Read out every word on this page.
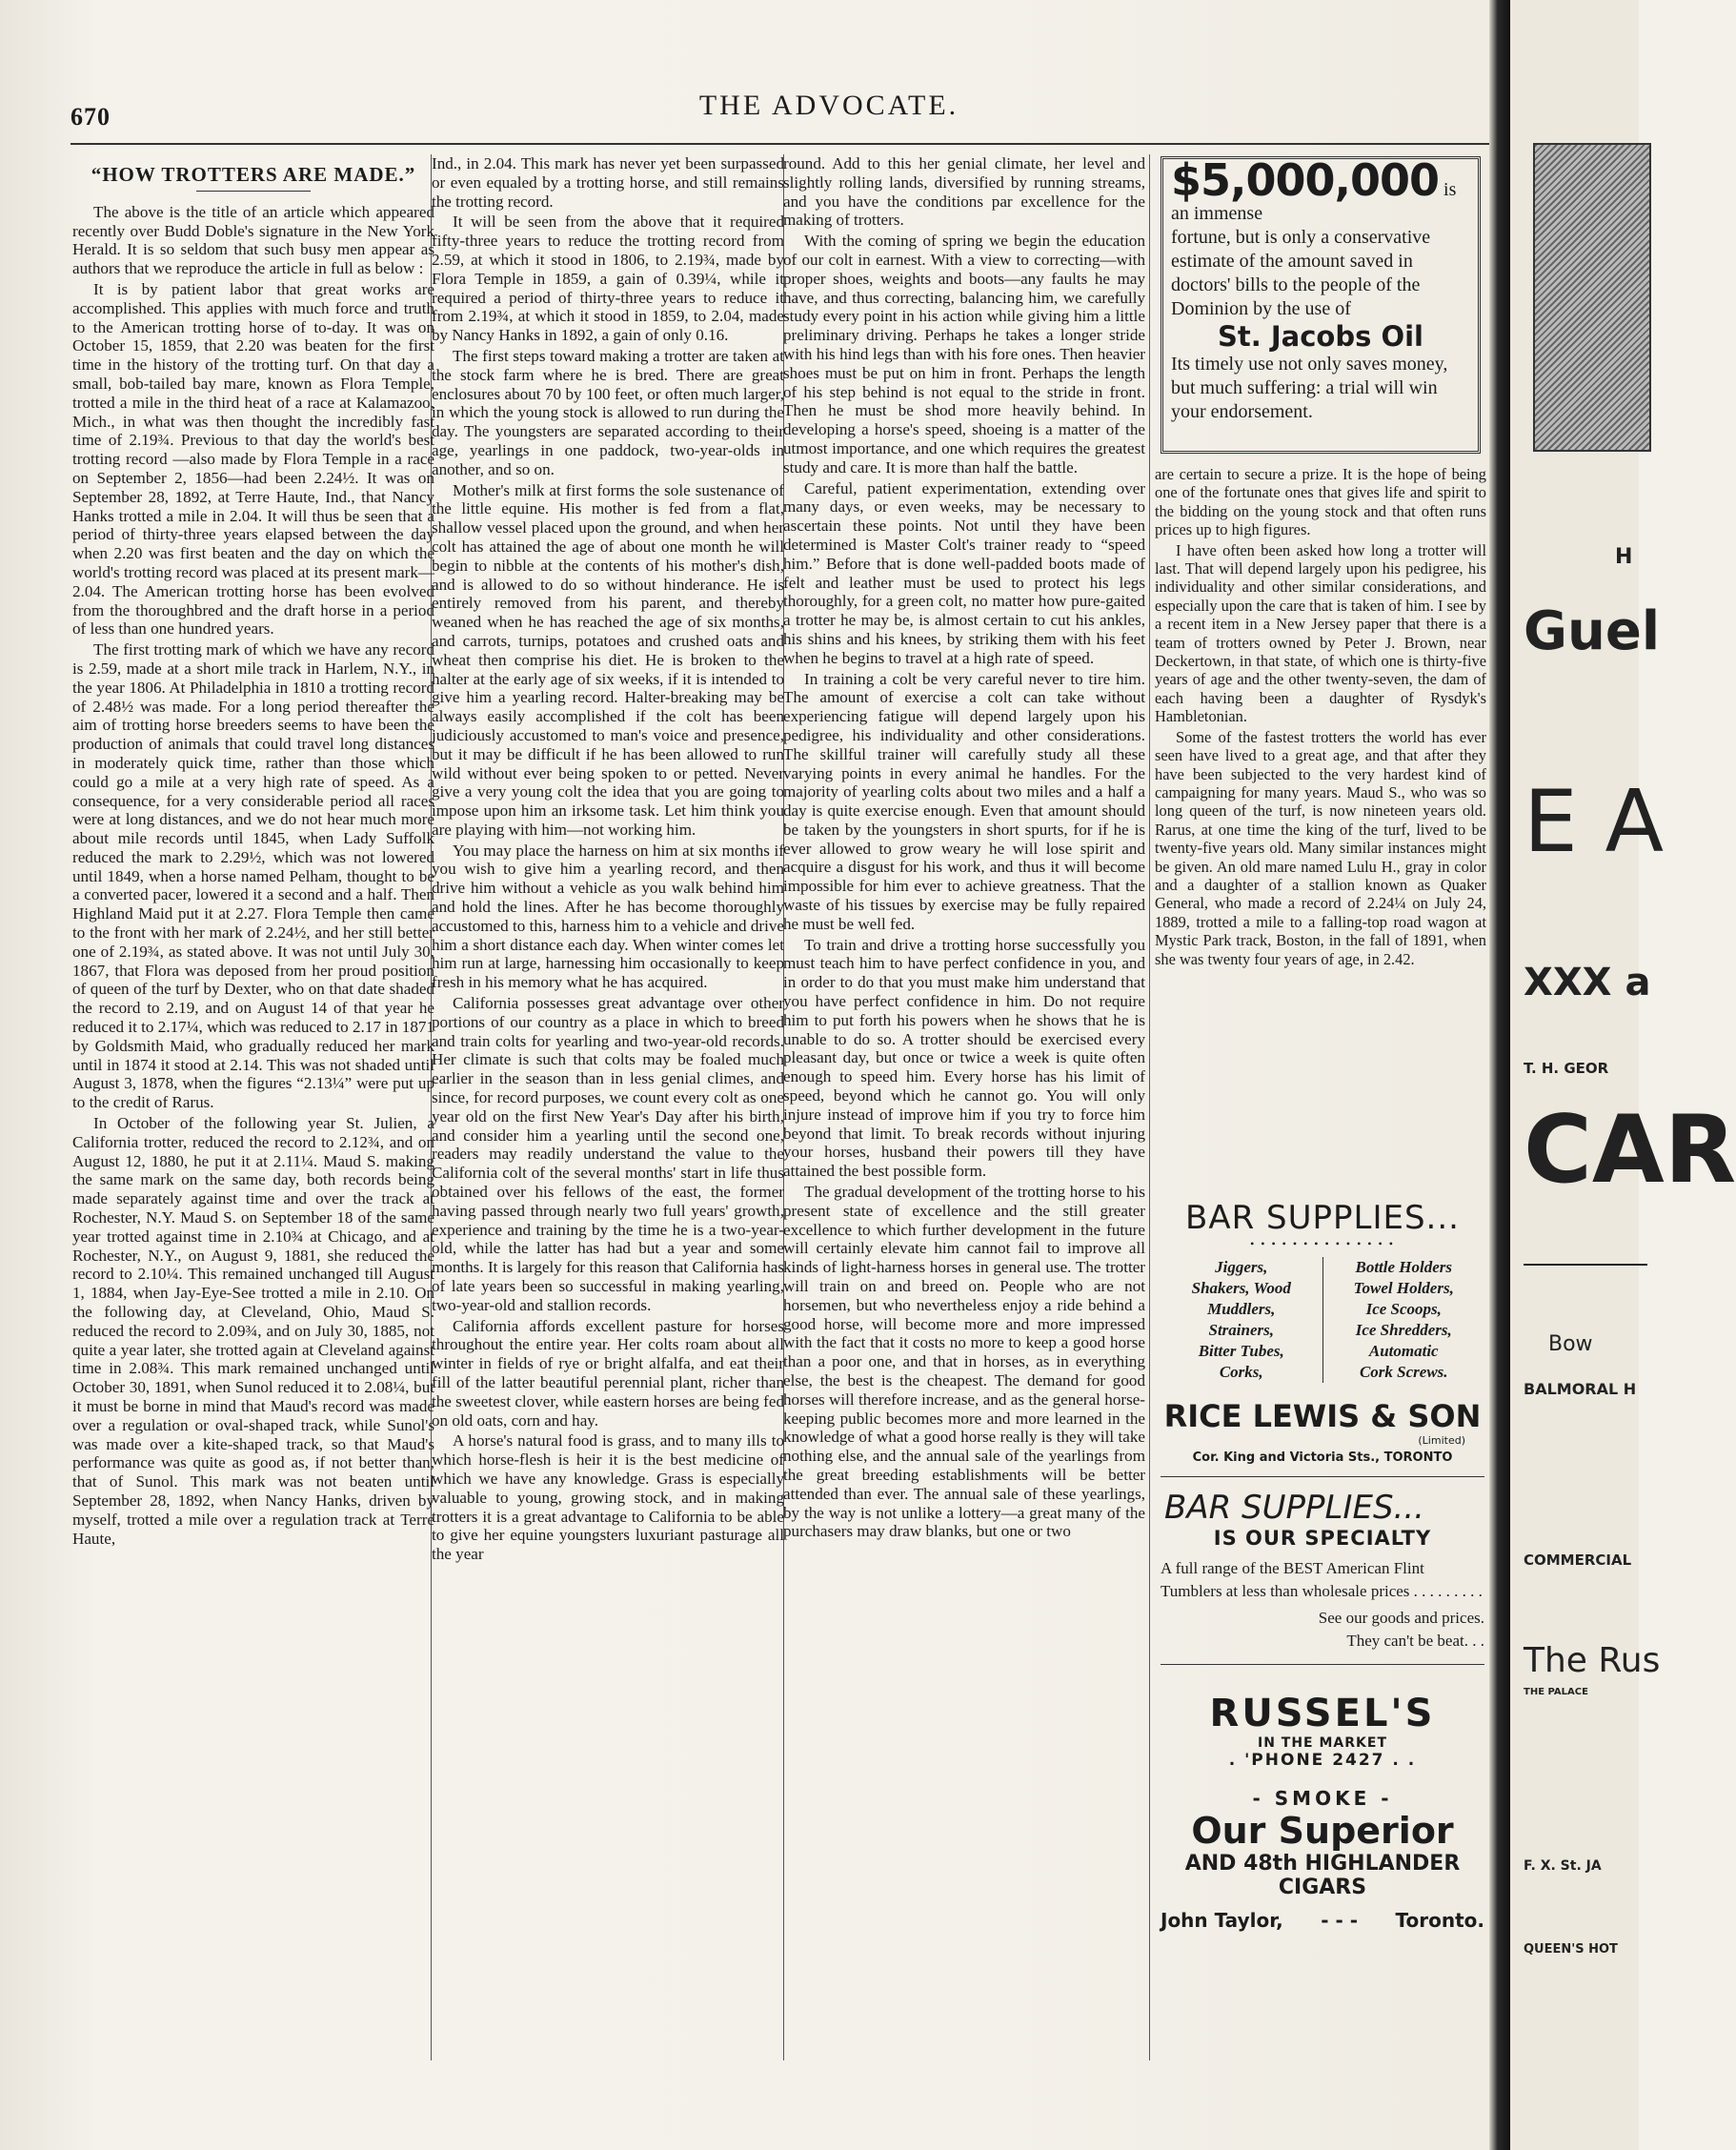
670	THE ADVOCATE.
“HOW TROTTERS ARE MADE.”

The above is the title of an article which appeared recently over Budd Doble's signature in the New York Herald. It is so seldom that such busy men appear as authors that we reproduce the article in full as below :

It is by patient labor that great works are accomplished. This applies with much force and truth to the American trotting horse of to-day. It was on October 15, 1859, that 2.20 was beaten for the first time in the history of the trotting turf. On that day a small, bob-tailed bay mare, known as Flora Temple, trotted a mile in the third heat of a race at Kalamazoo, Mich., in what was then thought the incredibly fast time of 2.19¾. Previous to that day the world's best trotting record —also made by Flora Temple in a race on September 2, 1856—had been 2.24½. It was on September 28, 1892, at Terre Haute, Ind., that Nancy Hanks trotted a mile in 2.04. It will thus be seen that a period of thirty-three years elapsed between the day when 2.20 was first beaten and the day on which the world's trotting record was placed at its present mark— 2.04. The American trotting horse has been evolved from the thoroughbred and the draft horse in a period of less than one hundred years.

The first trotting mark of which we have any record is 2.59, made at a short mile track in Harlem, N.Y., in the year 1806. At Philadelphia in 1810 a trotting record of 2.48½ was made. For a long period thereafter the aim of trotting horse breeders seems to have been the production of animals that could travel long distances in moderately quick time, rather than those which could go a mile at a very high rate of speed. As a consequence, for a very considerable period all races were at long distances, and we do not hear much more about mile records until 1845, when Lady Suffolk reduced the mark to 2.29½, which was not lowered until 1849, when a horse named Pelham, thought to be a converted pacer, lowered it a second and a half. Then Highland Maid put it at 2.27. Flora Temple then came to the front with her mark of 2.24½, and her still better one of 2.19¾, as stated above. It was not until July 30, 1867, that Flora was deposed from her proud position of queen of the turf by Dexter, who on that date shaded the record to 2.19, and on August 14 of that year he reduced it to 2.17¼, which was reduced to 2.17 in 1871 by Goldsmith Maid, who gradually reduced her mark until in 1874 it stood at 2.14. This was not shaded until August 3, 1878, when the figures “2.13¼” were put up to the credit of Rarus.

In October of the following year St. Julien, a California trotter, reduced the record to 2.12¾, and on August 12, 1880, he put it at 2.11¼. Maud S. making the same mark on the same day, both records being made separately against time and over the track at Rochester, N.Y. Maud S. on September 18 of the same year trotted against time in 2.10¾ at Chicago, and at Rochester, N.Y., on August 9, 1881, she reduced the record to 2.10¼. This remained unchanged till August 1, 1884, when Jay-Eye-See trotted a mile in 2.10. On the following day, at Cleveland, Ohio, Maud S. reduced the record to 2.09¾, and on July 30, 1885, not quite a year later, she trotted again at Cleveland against time in 2.08¾. This mark remained unchanged until October 30, 1891, when Sunol reduced it to 2.08¼, but it must be borne in mind that Maud's record was made over a regulation or oval-shaped track, while Sunol's was made over a kite-shaped track, so that Maud's performance was quite as good as, if not better than, that of Sunol. This mark was not beaten until September 28, 1892, when Nancy Hanks, driven by myself, trotted a mile over a regulation track at Terre Haute,

Ind., in 2.04. This mark has never yet been surpassed or even equaled by a trotting horse, and still remains the trotting record.

It will be seen from the above that it required fifty-three years to reduce the trotting record from 2.59, at which it stood in 1806, to 2.19¾, made by Flora Temple in 1859, a gain of 0.39¼, while it required a period of thirty-three years to reduce it from 2.19¾, at which it stood in 1859, to 2.04, made by Nancy Hanks in 1892, a gain of only 0.16.

The first steps toward making a trotter are taken at the stock farm where he is bred. There are great enclosures about 70 by 100 feet, or often much larger, in which the young stock is allowed to run during the day. The youngsters are separated according to their age, yearlings in one paddock, two-year-olds in another, and so on.

Mother's milk at first forms the sole sustenance of the little equine. His mother is fed from a flat, shallow vessel placed upon the ground, and when her colt has attained the age of about one month he will begin to nibble at the contents of his mother's dish, and is allowed to do so without hinderance. He is entirely removed from his parent, and thereby weaned when he has reached the age of six months, and carrots, turnips, potatoes and crushed oats and wheat then comprise his diet. He is broken to the halter at the early age of six weeks, if it is intended to give him a yearling record. Halter-breaking may be always easily accomplished if the colt has been judiciously accustomed to man's voice and presence, but it may be difficult if he has been allowed to run wild without ever being spoken to or petted. Never give a very young colt the idea that you are going to impose upon him an irksome task. Let him think you are playing with him—not working him.

You may place the harness on him at six months if you wish to give him a yearling record, and then drive him without a vehicle as you walk behind him and hold the lines. After he has become thoroughly accustomed to this, harness him to a vehicle and drive him a short distance each day. When winter comes let him run at large, harnessing him occasionally to keep fresh in his memory what he has acquired.

California possesses great advantage over other portions of our country as a place in which to breed and train colts for yearling and two-year-old records. Her climate is such that colts may be foaled much earlier in the season than in less genial climes, and since, for record purposes, we count every colt as one year old on the first New Year's Day after his birth, and consider him a yearling until the second one, readers may readily understand the value to the California colt of the several months' start in life thus obtained over his fellows of the east, the former having passed through nearly two full years' growth, experience and training by the time he is a two-year-old, while the latter has had but a year and some months. It is largely for this reason that California has of late years been so successful in making yearling, two-year-old and stallion records.

California affords excellent pasture for horses throughout the entire year. Her colts roam about all winter in fields of rye or bright alfalfa, and eat their fill of the latter beautiful perennial plant, richer than the sweetest clover, while eastern horses are being fed on old oats, corn and hay.

A horse's natural food is grass, and to many ills to which horse-flesh is heir it is the best medicine of which we have any knowledge. Grass is especially valuable to young, growing stock, and in making trotters it is a great advantage to California to be able to give her equine youngsters luxuriant pasturage all the year

round. Add to this her genial climate, her level and slightly rolling lands, diversified by running streams, and you have the conditions par excellence for the making of trotters.

With the coming of spring we begin the education of our colt in earnest. With a view to correcting—with proper shoes, weights and boots—any faults he may have, and thus correcting, balancing him, we carefully study every point in his action while giving him a little preliminary driving. Perhaps he takes a longer stride with his hind legs than with his fore ones. Then heavier shoes must be put on him in front. Perhaps the length of his step behind is not equal to the stride in front. Then he must be shod more heavily behind. In developing a horse's speed, shoeing is a matter of the utmost importance, and one which requires the greatest study and care. It is more than half the battle.

Careful, patient experimentation, extending over many days, or even weeks, may be necessary to ascertain these points. Not until they have been determined is Master Colt's trainer ready to “speed him.” Before that is done well-padded boots made of felt and leather must be used to protect his legs thoroughly, for a green colt, no matter how pure-gaited a trotter he may be, is almost certain to cut his ankles, his shins and his knees, by striking them with his feet when he begins to travel at a high rate of speed.

In training a colt be very careful never to tire him. The amount of exercise a colt can take without experiencing fatigue will depend largely upon his pedigree, his individuality and other considerations. The skillful trainer will carefully study all these varying points in every animal he handles. For the majority of yearling colts about two miles and a half a day is quite exercise enough. Even that amount should be taken by the youngsters in short spurts, for if he is ever allowed to grow weary he will lose spirit and acquire a disgust for his work, and thus it will become impossible for him ever to achieve greatness. That the waste of his tissues by exercise may be fully repaired he must be well fed.

To train and drive a trotting horse successfully you must teach him to have perfect confidence in you, and in order to do that you must make him understand that you have perfect confidence in him. Do not require him to put forth his powers when he shows that he is unable to do so. A trotter should be exercised every pleasant day, but once or twice a week is quite often enough to speed him. Every horse has his limit of speed, beyond which he cannot go. You will only injure instead of improve him if you try to force him beyond that limit. To break records without injuring your horses, husband their powers till they have attained the best possible form.

The gradual development of the trotting horse to his present state of excellence and the still greater excellence to which further development in the future will certainly elevate him cannot fail to improve all kinds of light-harness horses in general use. The trotter will train on and breed on. People who are not horsemen, but who nevertheless enjoy a ride behind a good horse, will become more and more impressed with the fact that it costs no more to keep a good horse than a poor one, and that in horses, as in everything else, the best is the cheapest. The demand for good horses will therefore increase, and as the general horse-keeping public becomes more and more learned in the knowledge of what a good horse really is they will take nothing else, and the annual sale of the yearlings from the great breeding establishments will be better attended than ever. The annual sale of these yearlings, by the way is not unlike a lottery—a great many of the purchasers may draw blanks, but one or two

$5,000,000 is an immense
fortune, but is only a conservative estimate of the amount saved in doctors' bills to the people of the Dominion by the use of
St. Jacobs Oil
Its timely use not only saves money, but much suffering: a trial will win your endorsement.

are certain to secure a prize. It is the hope of being one of the fortunate ones that gives life and spirit to the bidding on the young stock and that often runs prices up to high figures.

I have often been asked how long a trotter will last. That will depend largely upon his pedigree, his individuality and other similar considerations, and especially upon the care that is taken of him. I see by a recent item in a New Jersey paper that there is a team of trotters owned by Peter J. Brown, near Deckertown, in that state, of which one is thirty-five years of age and the other twenty-seven, the dam of each having been a daughter of Rysdyk's Hambletonian.

Some of the fastest trotters the world has ever seen have lived to a great age, and that after they have been subjected to the very hardest kind of campaigning for many years. Maud S., who was so long queen of the turf, is now nineteen years old. Rarus, at one time the king of the turf, lived to be twenty-five years old. Many similar instances might be given. An old mare named Lulu H., gray in color and a daughter of a stallion known as Quaker General, who made a record of 2.24¼ on July 24, 1889, trotted a mile to a falling-top road wagon at Mystic Park track, Boston, in the fall of 1891, when she was twenty four years of age, in 2.42.

BAR SUPPLIES...
• • • • • • • • • • • • • •
Jiggers,
Shakers, Wood
Muddlers,
Strainers,
Bitter Tubes,
Corks,
Bottle Holders
Towel Holders,
Ice Scoops,
Ice Shredders,
Automatic
Cork Screws.
RICE LEWIS & SON
(Limited)
Cor. King and Victoria Sts., TORONTO
BAR SUPPLIES...
IS OUR SPECIALTY
A full range of the BEST American Flint Tumblers at less than wholesale prices . . . . . . . . .
See our goods and prices.
They can't be beat. . .
RUSSEL'S
IN THE MARKET
. 'PHONE 2427 . .
- SMOKE -
Our Superior
AND 48th HIGHLANDER CIGARS
John Taylor, - - - Toronto.
H
Guel
E A
XXX a
T. H. GEOR
CAR
Bow
BALMORAL H
COMMERCIAL
The Rus
THE PALACE
F. X. St. JA
QUEEN'S HOT
